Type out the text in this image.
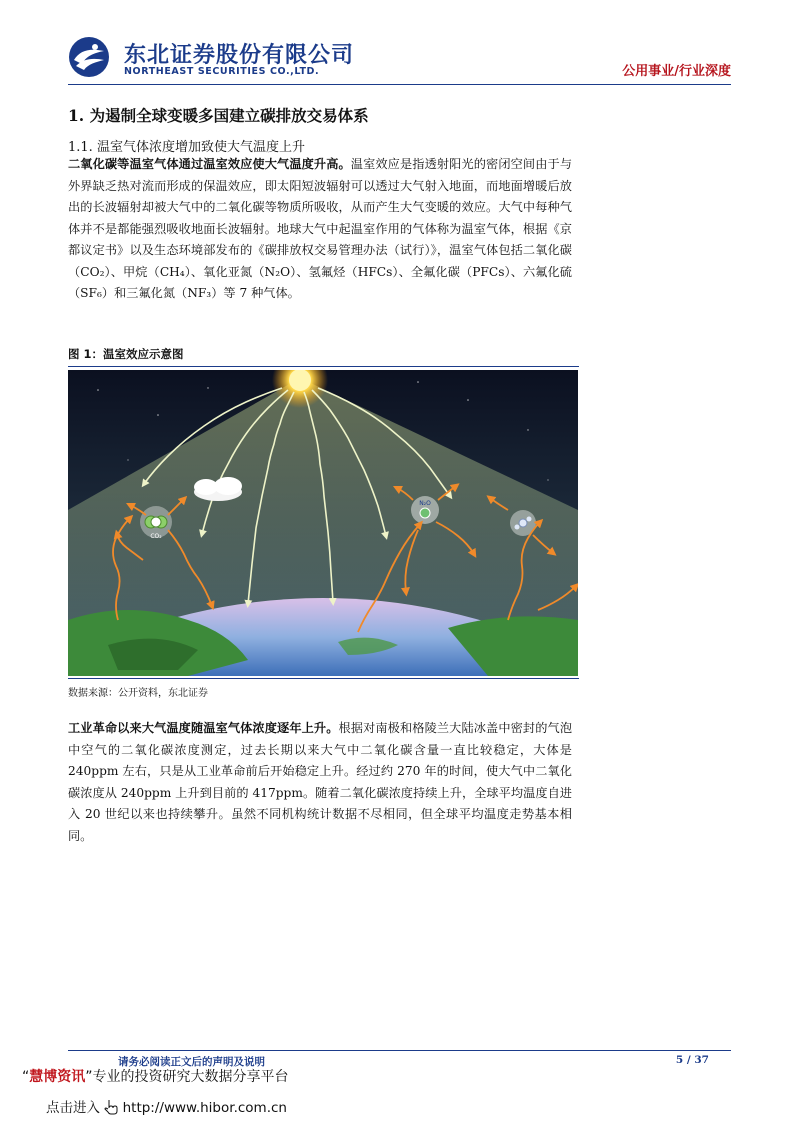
东北证券股份有限公司
NORTHEAST SECURITIES CO.,LTD.	公用事业/行业深度
1. 为遏制全球变暖多国建立碳排放交易体系
1.1. 温室气体浓度增加致使大气温度上升

二氧化碳等温室气体通过温室效应使大气温度升高。温室效应是指透射阳光的密闭空间由于与外界缺乏热对流而形成的保温效应，即太阳短波辐射可以透过大气射入地面，而地面增暖后放出的长波辐射却被大气中的二氧化碳等物质所吸收，从而产生大气变暖的效应。大气中每种气体并不是都能强烈吸收地面长波辐射。地球大气中起温室作用的气体称为温室气体，根据《京都议定书》以及生态环境部发布的《碳排放权交易管理办法（试行）》，温室气体包括二氧化碳（CO₂）、甲烷（CH₄）、氧化亚氮（N₂O）、氢氟烃（HFCs）、全氟化碳（PFCs）、六氟化硫（SF₆）和三氟化氮（NF₃）等 7 种气体。

图 1：温室效应示意图
CO₂
N₂O
数据来源：公开资料，东北证券

工业革命以来大气温度随温室气体浓度逐年上升。根据对南极和格陵兰大陆冰盖中密封的气泡中空气的二氧化碳浓度测定，过去长期以来大气中二氧化碳含量一直比较稳定，大体是 240ppm 左右，只是从工业革命前后开始稳定上升。经过约 270 年的时间，使大气中二氧化碳浓度从 240ppm 上升到目前的 417ppm。随着二氧化碳浓度持续上升，全球平均温度自进入 20 世纪以来也持续攀升。虽然不同机构统计数据不尽相同，但全球平均温度走势基本相同。

请务必阅读正文后的声明及说明	5 / 37
“慧博资讯”专业的投资研究大数据分享平台
点击进入 http://www.hibor.com.cn
